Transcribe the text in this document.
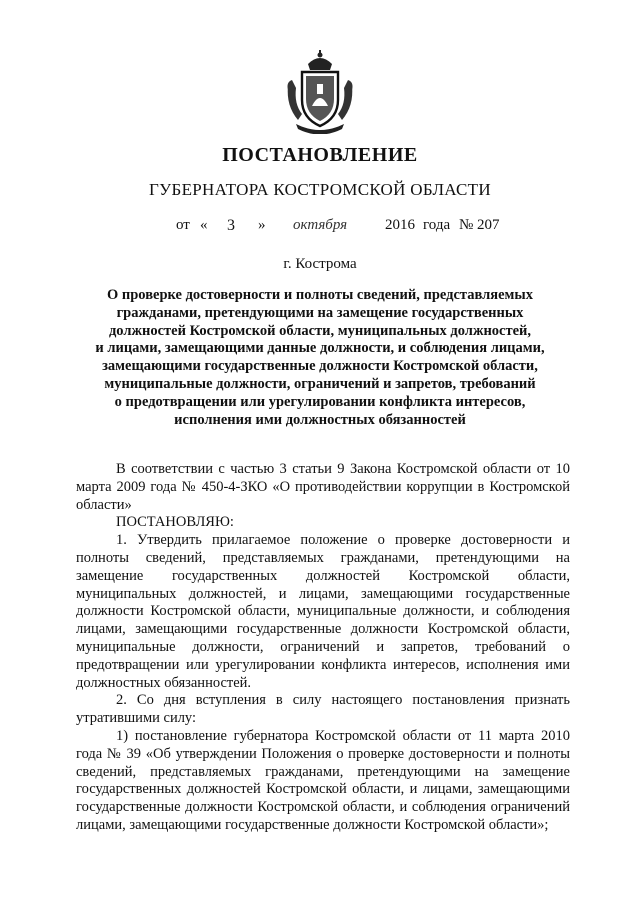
ПОСТАНОВЛЕНИЕ
ГУБЕРНАТОРА КОСТРОМСКОЙ ОБЛАСТИ
от « 3 » октября	2016 года № 207
г. Кострома
О проверке достоверности и полноты сведений, представляемых
гражданами, претендующими на замещение государственных
должностей Костромской области, муниципальных должностей,
и лицами, замещающими данные должности, и соблюдения лицами,
замещающими государственные должности Костромской области,
муниципальные должности, ограничений и запретов, требований
о предотвращении или урегулировании конфликта интересов,
исполнения ими должностных обязанностей

В соответствии с частью 3 статьи 9 Закона Костромской области от 10 марта 2009 года № 450-4-ЗКО «О противодействии коррупции в Костромской области»

ПОСТАНОВЛЯЮ:

1. Утвердить прилагаемое положение о проверке достоверности и полноты сведений, представляемых гражданами, претендующими на замещение государственных должностей Костромской области, муниципальных должностей, и лицами, замещающими государственные должности Костромской области, муниципальные должности, и соблюдения лицами, замещающими государственные должности Костромской области, муниципальные должности, ограничений и запретов, требований о предотвращении или урегулировании конфликта интересов, исполнения ими должностных обязанностей.

2. Со дня вступления в силу настоящего постановления признать утратившими силу:

1) постановление губернатора Костромской области от 11 марта 2010 года № 39 «Об утверждении Положения о проверке достоверности и полноты сведений, представляемых гражданами, претендующими на замещение государственных должностей Костромской области, и лицами, замещающими государственные должности Костромской области, и соблюдения ограничений лицами, замещающими государственные должности Костромской области»;
